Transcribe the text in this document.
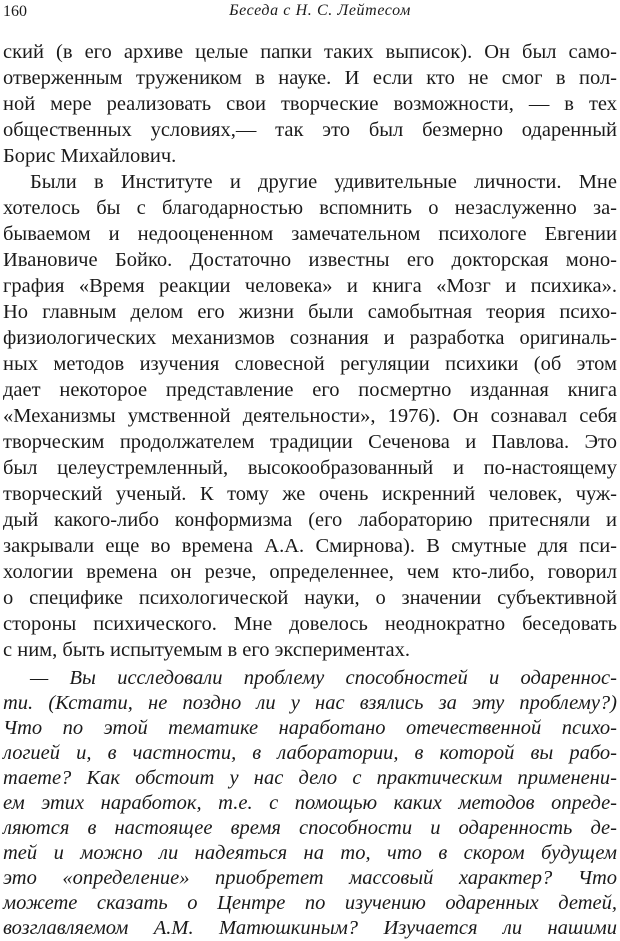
160	Беседа с Н. С. Лейтесом
ский (в его архиве целые папки таких выписок). Он был само-
отверженным тружеником в науке. И если кто не смог в пол-
ной мере реализовать свои творческие возможности, — в тех
общественных условиях,— так это был безмерно одаренный
Борис Михайлович.
Были в Институте и другие удивительные личности. Мне
хотелось бы с благодарностью вспомнить о незаслуженно за-
бываемом и недооцененном замечательном психологе Евгении
Ивановиче Бойко. Достаточно известны его докторская моно-
графия «Время реакции человека» и книга «Мозг и психика».
Но главным делом его жизни были самобытная теория психо-
физиологических механизмов сознания и разработка оригиналь-
ных методов изучения словесной регуляции психики (об этом
дает некоторое представление его посмертно изданная книга
«Механизмы умственной деятельности», 1976). Он сознавал себя
творческим продолжателем традиции Сеченова и Павлова. Это
был целеустремленный, высокообразованный и по-настоящему
творческий ученый. К тому же очень искренний человек, чуж-
дый какого-либо конформизма (его лабораторию притесняли и
закрывали еще во времена А.А. Смирнова). В смутные для пси-
хологии времена он резче, определеннее, чем кто-либо, говорил
о специфике психологической науки, о значении субъективной
стороны психического. Мне довелось неоднократно беседовать
с ним, быть испытуемым в его экспериментах.
— Вы исследовали проблему способностей и одареннос-
ти. (Кстати, не поздно ли у нас взялись за эту проблему?)
Что по этой тематике наработано отечественной психо-
логией и, в частности, в лаборатории, в которой вы рабо-
таете? Как обстоит у нас дело с практическим применени-
ем этих наработок, т.е. с помощью каких методов опреде-
ляются в настоящее время способности и одаренность де-
тей и можно ли надеяться на то, что в скором будущем
это «определение» приобретет массовый характер? Что
можете сказать о Центре по изучению одаренных детей,
возглавляемом А.М. Матюшкиным? Изучается ли нашими
